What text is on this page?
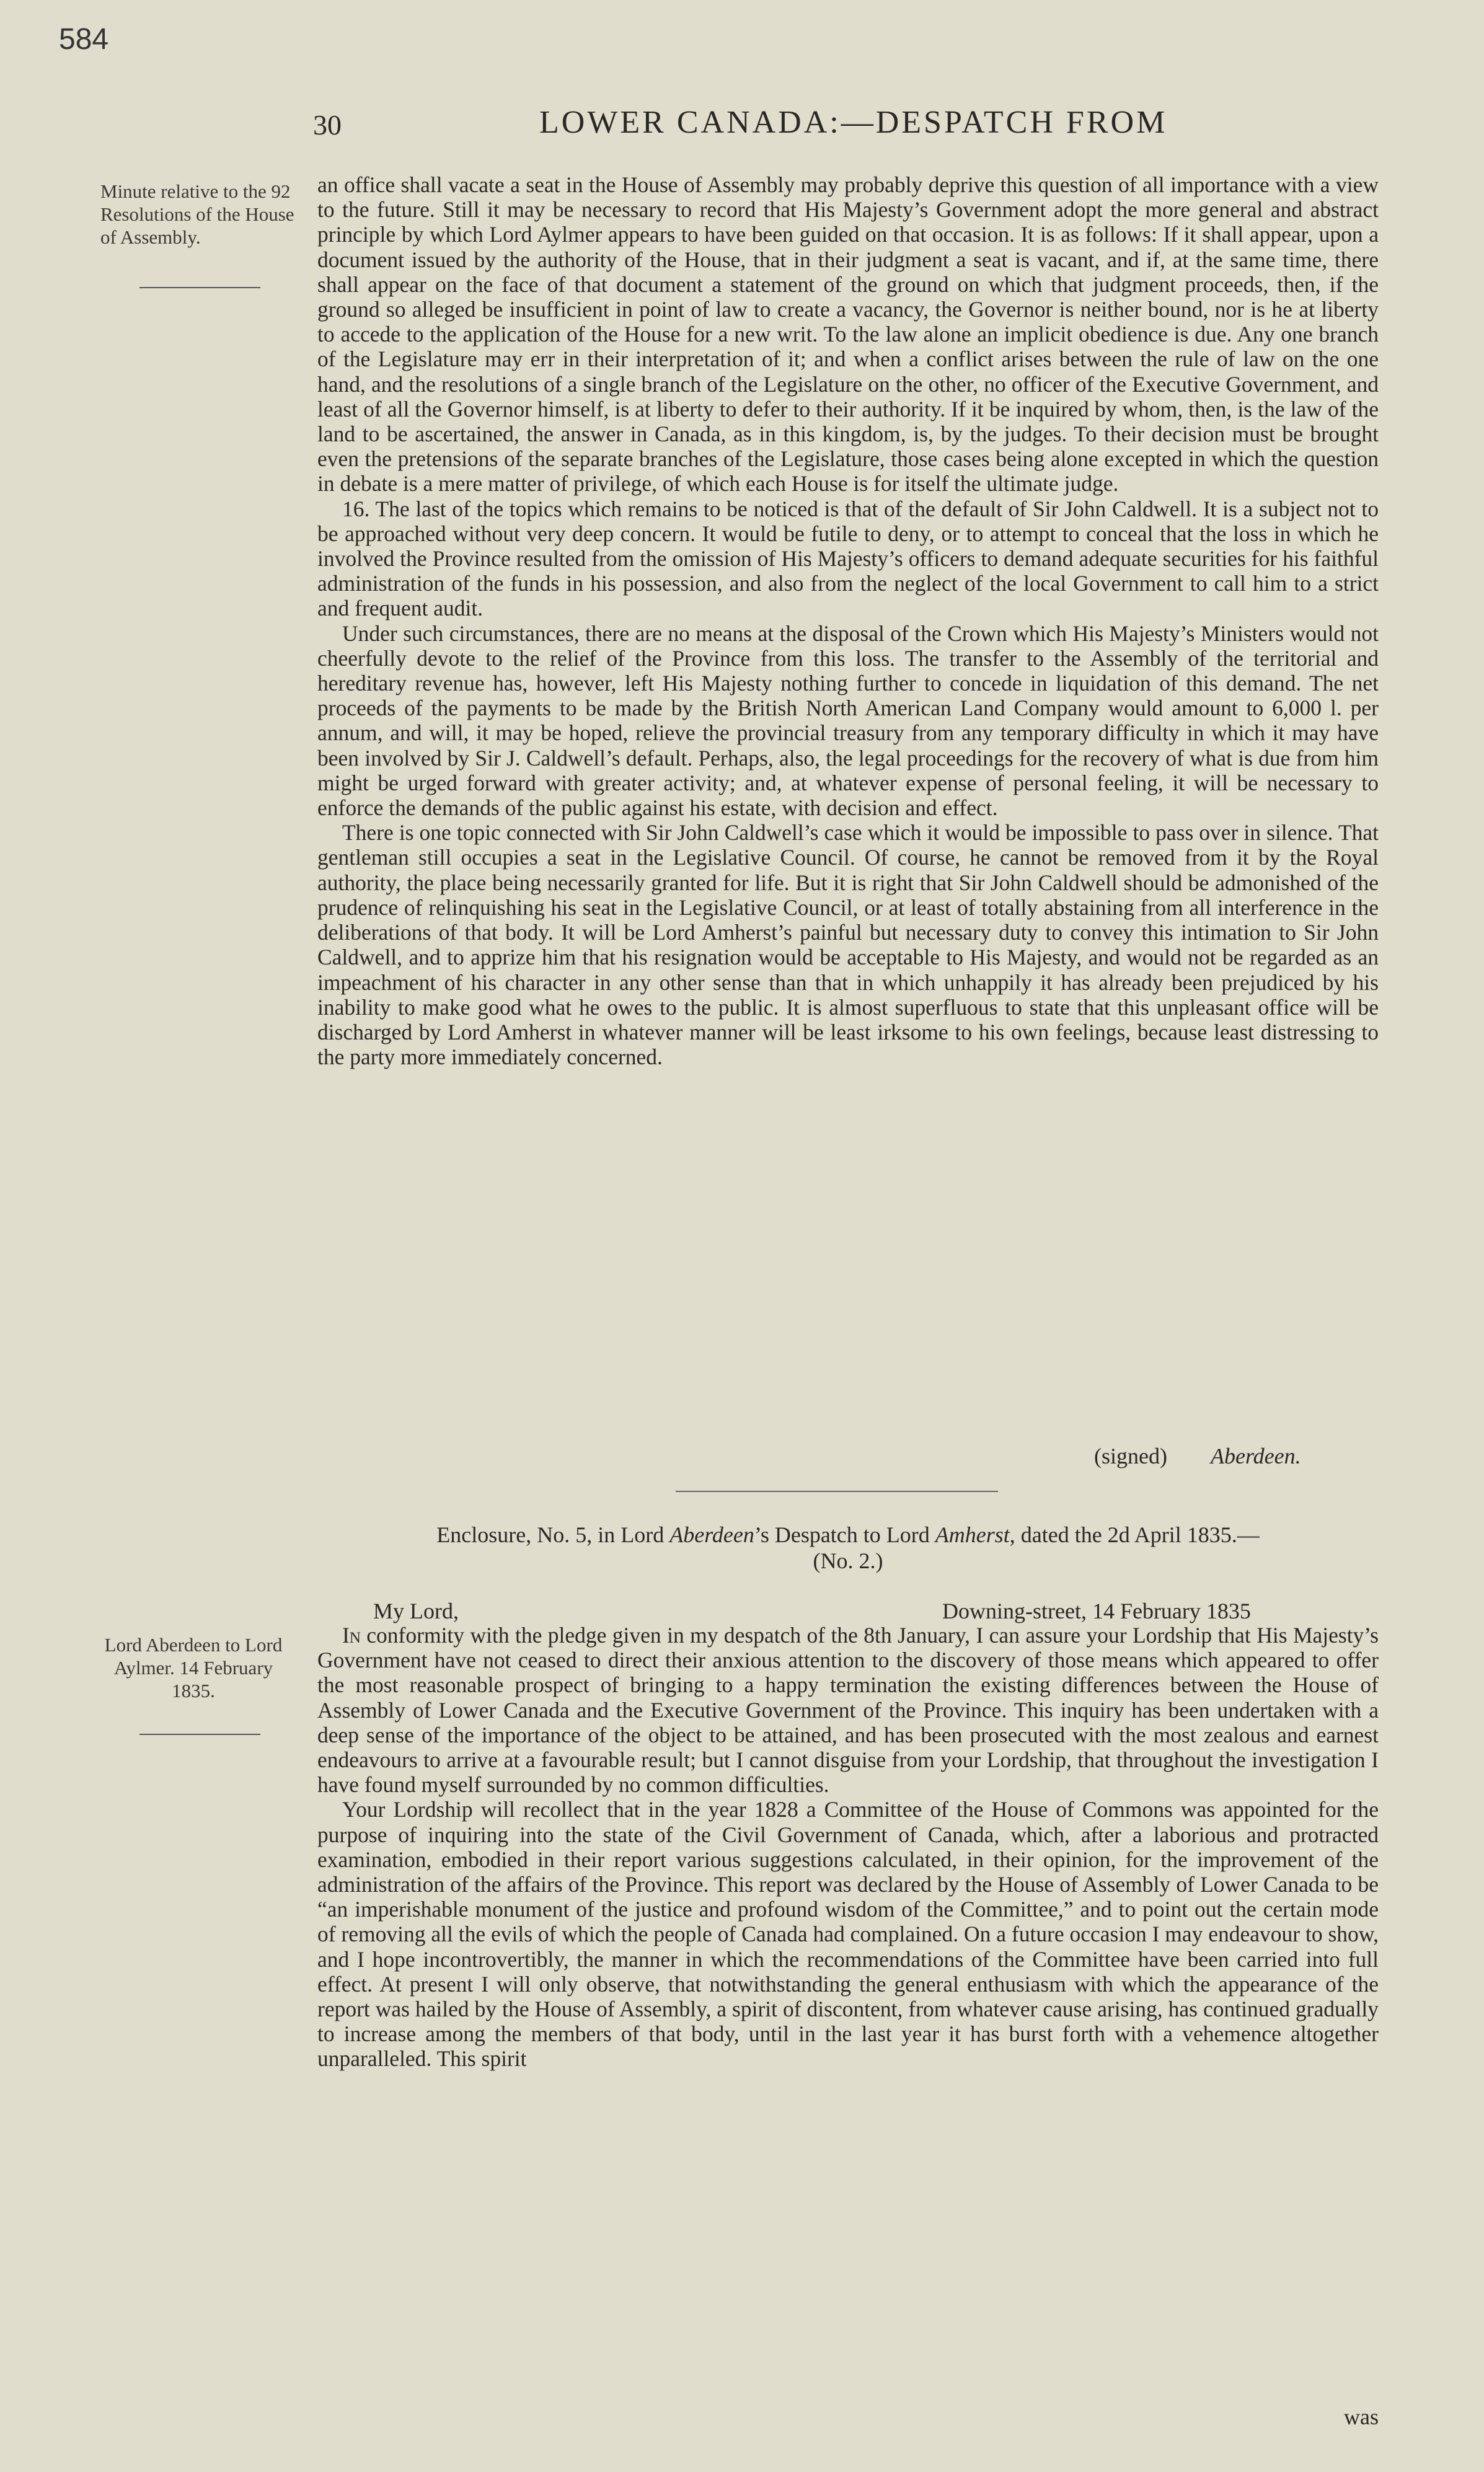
584
30	LOWER CANADA:—DESPATCH FROM
Minute relative to the 92 Resolutions of the House of Assembly.

an office shall vacate a seat in the House of Assembly may probably deprive this question of all importance with a view to the future. Still it may be necessary to record that His Majesty’s Government adopt the more general and abstract principle by which Lord Aylmer appears to have been guided on that occasion. It is as follows: If it shall appear, upon a document issued by the authority of the House, that in their judgment a seat is vacant, and if, at the same time, there shall appear on the face of that document a statement of the ground on which that judgment proceeds, then, if the ground so alleged be insufficient in point of law to create a vacancy, the Governor is neither bound, nor is he at liberty to accede to the application of the House for a new writ. To the law alone an implicit obedience is due. Any one branch of the Legislature may err in their interpretation of it; and when a conflict arises between the rule of law on the one hand, and the resolutions of a single branch of the Legislature on the other, no officer of the Executive Government, and least of all the Governor himself, is at liberty to defer to their authority. If it be inquired by whom, then, is the law of the land to be ascertained, the answer in Canada, as in this kingdom, is, by the judges. To their decision must be brought even the pretensions of the separate branches of the Legislature, those cases being alone excepted in which the question in debate is a mere matter of privilege, of which each House is for itself the ultimate judge.

16. The last of the topics which remains to be noticed is that of the default of Sir John Caldwell. It is a subject not to be approached without very deep concern. It would be futile to deny, or to attempt to conceal that the loss in which he involved the Province resulted from the omission of His Majesty’s officers to demand adequate securities for his faithful administration of the funds in his possession, and also from the neglect of the local Government to call him to a strict and frequent audit.

Under such circumstances, there are no means at the disposal of the Crown which His Majesty’s Ministers would not cheerfully devote to the relief of the Province from this loss. The transfer to the Assembly of the territorial and hereditary revenue has, however, left His Majesty nothing further to concede in liquidation of this demand. The net proceeds of the payments to be made by the British North American Land Company would amount to 6,000 l. per annum, and will, it may be hoped, relieve the provincial treasury from any temporary difficulty in which it may have been involved by Sir J. Caldwell’s default. Perhaps, also, the legal proceedings for the recovery of what is due from him might be urged forward with greater activity; and, at whatever expense of personal feeling, it will be necessary to enforce the demands of the public against his estate, with decision and effect.

There is one topic connected with Sir John Caldwell’s case which it would be impossible to pass over in silence. That gentleman still occupies a seat in the Legislative Council. Of course, he cannot be removed from it by the Royal authority, the place being necessarily granted for life. But it is right that Sir John Caldwell should be admonished of the prudence of relinquishing his seat in the Legislative Council, or at least of totally abstaining from all interference in the deliberations of that body. It will be Lord Amherst’s painful but necessary duty to convey this intimation to Sir John Caldwell, and to apprize him that his resignation would be acceptable to His Majesty, and would not be regarded as an impeachment of his character in any other sense than that in which unhappily it has already been prejudiced by his inability to make good what he owes to the public. It is almost superfluous to state that this unpleasant office will be discharged by Lord Amherst in whatever manner will be least irksome to his own feelings, because least distressing to the party more immediately concerned.

(signed) Aberdeen.
Enclosure, No. 5, in Lord Aberdeen’s Despatch to Lord Amherst, dated the 2d April 1835.—
(No. 2.)
My Lord,	Downing-street, 14 February 1835
Lord Aberdeen to Lord Aylmer. 14 February 1835.

In conformity with the pledge given in my despatch of the 8th January, I can assure your Lordship that His Majesty’s Government have not ceased to direct their anxious attention to the discovery of those means which appeared to offer the most reasonable prospect of bringing to a happy termination the existing differences between the House of Assembly of Lower Canada and the Executive Government of the Province. This inquiry has been undertaken with a deep sense of the importance of the object to be attained, and has been prosecuted with the most zealous and earnest endeavours to arrive at a favourable result; but I cannot disguise from your Lordship, that throughout the investigation I have found myself surrounded by no common difficulties.

Your Lordship will recollect that in the year 1828 a Committee of the House of Commons was appointed for the purpose of inquiring into the state of the Civil Government of Canada, which, after a laborious and protracted examination, embodied in their report various suggestions calculated, in their opinion, for the improvement of the administration of the affairs of the Province. This report was declared by the House of Assembly of Lower Canada to be “an imperishable monument of the justice and profound wisdom of the Committee,” and to point out the certain mode of removing all the evils of which the people of Canada had complained. On a future occasion I may endeavour to show, and I hope incontrovertibly, the manner in which the recommendations of the Committee have been carried into full effect. At present I will only observe, that notwithstanding the general enthusiasm with which the appearance of the report was hailed by the House of Assembly, a spirit of discontent, from whatever cause arising, has continued gradually to increase among the members of that body, until in the last year it has burst forth with a vehemence altogether unparalleled. This spirit

was
